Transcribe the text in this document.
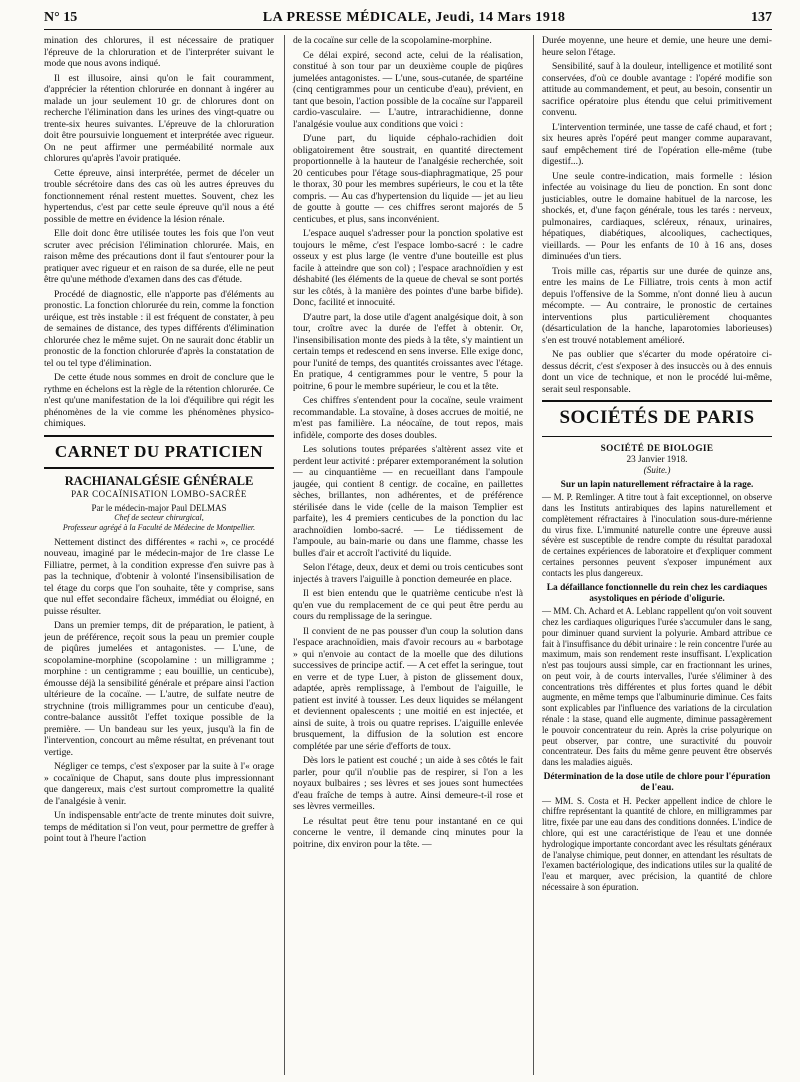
N° 15	LA PRESSE MÉDICALE, Jeudi, 14 Mars 1918	137

mination des chlorures, il est nécessaire de pratiquer l'épreuve de la chloruration et de l'interpréter suivant le mode que nous avons indiqué.

Il est illusoire, ainsi qu'on le fait couramment, d'apprécier la rétention chlorurée en donnant à ingérer au malade un jour seulement 10 gr. de chlorures dont on recherche l'élimination dans les urines des vingt-quatre ou trente-six heures suivantes. L'épreuve de la chloruration doit être poursuivie longuement et interprétée avec rigueur. On ne peut affirmer une perméabilité normale aux chlorures qu'après l'avoir pratiquée.

Cette épreuve, ainsi interprétée, permet de déceler un trouble sécrétoire dans des cas où les autres épreuves du fonctionnement rénal restent muettes. Souvent, chez les hypertendus, c'est par cette seule épreuve qu'il nous a été possible de mettre en évidence la lésion rénale.

Elle doit donc être utilisée toutes les fois que l'on veut scruter avec précision l'élimination chlorurée. Mais, en raison même des précautions dont il faut s'entourer pour la pratiquer avec rigueur et en raison de sa durée, elle ne peut être qu'une méthode d'examen dans des cas d'étude.

Procédé de diagnostic, elle n'apporte pas d'éléments au pronostic. La fonction chlorurée du rein, comme la fonction uréique, est très instable : il est fréquent de constater, à peu de semaines de distance, des types différents d'élimination chlorurée chez le même sujet. On ne saurait donc établir un pronostic de la fonction chlorurée d'après la constatation de tel ou tel type d'élimination.

De cette étude nous sommes en droit de conclure que le rythme en échelons est la règle de la rétention chlorurée. Ce n'est qu'une manifestation de la loi d'équilibre qui régit les phénomènes de la vie comme les phénomènes physico-chimiques.

CARNET DU PRATICIEN
RACHIANALGÉSIE GÉNÉRALE
PAR COCAÏNISATION LOMBO-SACRÉE
Par le médecin-major Paul DELMAS
Chef de secteur chirurgical,
Professeur agrégé à la Faculté de Médecine de Montpellier.

Nettement distinct des différentes « rachi », ce procédé nouveau, imaginé par le médecin-major de 1re classe Le Filliatre, permet, à la condition expresse d'en suivre pas à pas la technique, d'obtenir à volonté l'insensibilisation de tel étage du corps que l'on souhaite, tête y comprise, sans que nul effet secondaire fâcheux, immédiat ou éloigné, en puisse résulter.

Dans un premier temps, dit de préparation, le patient, à jeun de préférence, reçoit sous la peau un premier couple de piqûres jumelées et antagonistes. — L'une, de scopolamine-morphine (scopolamine : un milligramme ; morphine : un centigramme ; eau bouillie, un centicube), émousse déjà la sensibilité générale et prépare ainsi l'action ultérieure de la cocaïne. — L'autre, de sulfate neutre de strychnine (trois milligrammes pour un centicube d'eau), contre-balance aussitôt l'effet toxique possible de la première. — Un bandeau sur les yeux, jusqu'à la fin de l'intervention, concourt au même résultat, en prévenant tout vertige.

Négliger ce temps, c'est s'exposer par la suite à l'« orage » cocaïnique de Chaput, sans doute plus impressionnant que dangereux, mais c'est surtout compromettre la qualité de l'analgésie à venir.

Un indispensable entr'acte de trente minutes doit suivre, temps de méditation si l'on veut, pour permettre de greffer à point tout à l'heure l'action

de la cocaïne sur celle de la scopolamine-morphine.

Ce délai expiré, second acte, celui de la réalisation, constitué à son tour par un deuxième couple de piqûres jumelées antagonistes. — L'une, sous-cutanée, de spartéine (cinq centigrammes pour un centicube d'eau), prévient, en tant que besoin, l'action possible de la cocaïne sur l'appareil cardio-vasculaire. — L'autre, intrarachidienne, donne l'analgésie voulue aux conditions que voici :

D'une part, du liquide céphalo-rachidien doit obligatoirement être soustrait, en quantité directement proportionnelle à la hauteur de l'analgésie recherchée, soit 20 centicubes pour l'étage sous-diaphragmatique, 25 pour le thorax, 30 pour les membres supérieurs, le cou et la tête compris. — Au cas d'hypertension du liquide — jet au lieu de goutte à goutte — ces chiffres seront majorés de 5 centicubes, et plus, sans inconvénient.

L'espace auquel s'adresser pour la ponction spolative est toujours le même, c'est l'espace lombo-sacré : le cadre osseux y est plus large (le ventre d'une bouteille est plus facile à atteindre que son col) ; l'espace arachnoïdien y est déshabité (les éléments de la queue de cheval se sont portés sur les côtés, à la manière des pointes d'une barbe bifide). Donc, facilité et innocuité.

D'autre part, la dose utile d'agent analgésique doit, à son tour, croître avec la durée de l'effet à obtenir. Or, l'insensibilisation monte des pieds à la tête, s'y maintient un certain temps et redescend en sens inverse. Elle exige donc, pour l'unité de temps, des quantités croissantes avec l'étage. En pratique, 4 centigrammes pour le ventre, 5 pour la poitrine, 6 pour le membre supérieur, le cou et la tête.

Ces chiffres s'entendent pour la cocaïne, seule vraiment recommandable. La stovaïne, à doses accrues de moitié, ne m'est pas familière. La néocaïne, de tout repos, mais infidèle, comporte des doses doubles.

Les solutions toutes préparées s'altèrent assez vite et perdent leur activité : préparer extemporanément la solution — au cinquantième — en recueillant dans l'ampoule jaugée, qui contient 8 centigr. de cocaïne, en paillettes sèches, brillantes, non adhérentes, et de préférence stérilisée dans le vide (celle de la maison Templier est parfaite), les 4 premiers centicubes de la ponction du lac arachnoïdien lombo-sacré. — Le tiédissement de l'ampoule, au bain-marie ou dans une flamme, chasse les bulles d'air et accroît l'activité du liquide.

Selon l'étage, deux, deux et demi ou trois centicubes sont injectés à travers l'aiguille à ponction demeurée en place.

Il est bien entendu que le quatrième centicube n'est là qu'en vue du remplacement de ce qui peut être perdu au cours du remplissage de la seringue.

Il convient de ne pas pousser d'un coup la solution dans l'espace arachnoïdien, mais d'avoir recours au « barbotage » qui n'envoie au contact de la moelle que des dilutions successives de principe actif. — A cet effet la seringue, tout en verre et de type Luer, à piston de glissement doux, adaptée, après remplissage, à l'embout de l'aiguille, le patient est invité à tousser. Les deux liquides se mélangent et deviennent opalescents ; une moitié en est injectée, et ainsi de suite, à trois ou quatre reprises. L'aiguille enlevée brusquement, la diffusion de la solution est encore complétée par une série d'efforts de toux.

Dès lors le patient est couché ; un aide à ses côtés le fait parler, pour qu'il n'oublie pas de respirer, si l'on a les noyaux bulbaires ; ses lèvres et ses joues sont humectées d'eau fraîche de temps à autre. Ainsi demeure-t-il rose et ses lèvres vermeilles.

Le résultat peut être tenu pour instantané en ce qui concerne le ventre, il demande cinq minutes pour la poitrine, dix environ pour la tête. —

Durée moyenne, une heure et demie, une heure une demi-heure selon l'étage.

Sensibilité, sauf à la douleur, intelligence et motilité sont conservées, d'où ce double avantage : l'opéré modifie son attitude au commandement, et peut, au besoin, consentir un sacrifice opératoire plus étendu que celui primitivement convenu.

L'intervention terminée, une tasse de café chaud, et fort ; six heures après l'opéré peut manger comme auparavant, sauf empêchement tiré de l'opération elle-même (tube digestif...).

Une seule contre-indication, mais formelle : lésion infectée au voisinage du lieu de ponction. En sont donc justiciables, outre le domaine habituel de la narcose, les shockés, et, d'une façon générale, tous les tarés : nerveux, pulmonaires, cardiaques, scléreux, rénaux, urinaires, hépatiques, diabétiques, alcooliques, cachectiques, vieillards. — Pour les enfants de 10 à 16 ans, doses diminuées d'un tiers.

Trois mille cas, répartis sur une durée de quinze ans, entre les mains de Le Filliatre, trois cents à mon actif depuis l'offensive de la Somme, n'ont donné lieu à aucun mécompte. — Au contraire, le pronostic de certaines interventions plus particulièrement choquantes (désarticulation de la hanche, laparotomies laborieuses) s'en est trouvé notablement amélioré.

Ne pas oublier que s'écarter du mode opératoire ci-dessus décrit, c'est s'exposer à des insuccès ou à des ennuis dont un vice de technique, et non le procédé lui-même, serait seul responsable.

SOCIÉTÉS DE PARIS
SOCIÉTÉ DE BIOLOGIE
23 Janvier 1918.
(Suite.)
Sur un lapin naturellement réfractaire à la rage.

— M. P. Remlinger. A titre tout à fait exceptionnel, on observe dans les Instituts antirabiques des lapins naturellement et complètement réfractaires à l'inoculation sous-dure-mérienne du virus fixe. L'immunité naturelle contre une épreuve aussi sévère est susceptible de rendre compte du résultat paradoxal de certaines expériences de laboratoire et d'expliquer comment certaines personnes peuvent s'exposer impunément aux contacts les plus dangereux.

La défaillance fonctionnelle du rein chez les cardiaques asystoliques en période d'oligurie.

— MM. Ch. Achard et A. Leblanc rappellent qu'on voit souvent chez les cardiaques oliguriques l'urée s'accumuler dans le sang, pour diminuer quand survient la polyurie. Ambard attribue ce fait à l'insuffisance du débit urinaire : le rein concentre l'urée au maximum, mais son rendement reste insuffisant. L'explication n'est pas toujours aussi simple, car en fractionnant les urines, on peut voir, à de courts intervalles, l'urée s'éliminer à des concentrations très différentes et plus fortes quand le débit augmente, en même temps que l'albuminurie diminue. Ces faits sont explicables par l'influence des variations de la circulation rénale : la stase, quand elle augmente, diminue passagèrement le pouvoir concentrateur du rein. Après la crise polyurique on peut observer, par contre, une suractivité du pouvoir concentrateur. Des faits du même genre peuvent être observés dans les maladies aiguës.

Détermination de la dose utile de chlore pour l'épuration de l'eau.

— MM. S. Costa et H. Pecker appellent indice de chlore le chiffre représentant la quantité de chlore, en milligrammes par litre, fixée par une eau dans des conditions données. L'indice de chlore, qui est une caractéristique de l'eau et une donnée hydrologique importante concordant avec les résultats généraux de l'analyse chimique, peut donner, en attendant les résultats de l'examen bactériologique, des indications utiles sur la qualité de l'eau et marquer, avec précision, la quantité de chlore nécessaire à son épuration.
